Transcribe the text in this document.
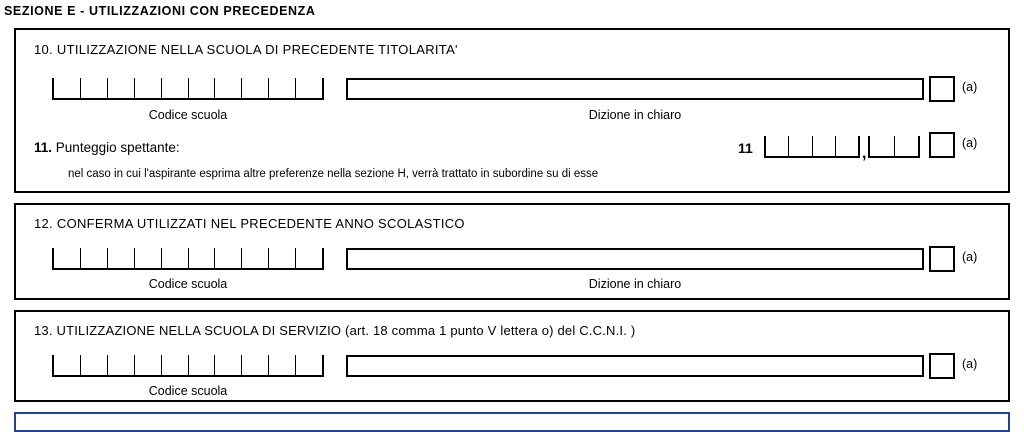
SEZIONE E - UTILIZZAZIONI CON PRECEDENZA
10. UTILIZZAZIONE NELLA SCUOLA DI PRECEDENTE TITOLARITA'
Codice scuola	Dizione in chiaro
(a)
11. Punteggio spettante:
nel caso in cui l'aspirante esprima altre preferenze nella sezione H, verrà trattato in subordine su di esse
11	,
(a)
12. CONFERMA UTILIZZATI NEL PRECEDENTE ANNO SCOLASTICO
Codice scuola	Dizione in chiaro
(a)
13. UTILIZZAZIONE NELLA SCUOLA DI SERVIZIO (art. 18 comma 1 punto V lettera o) del C.C.N.I. )
Codice scuola
(a)
